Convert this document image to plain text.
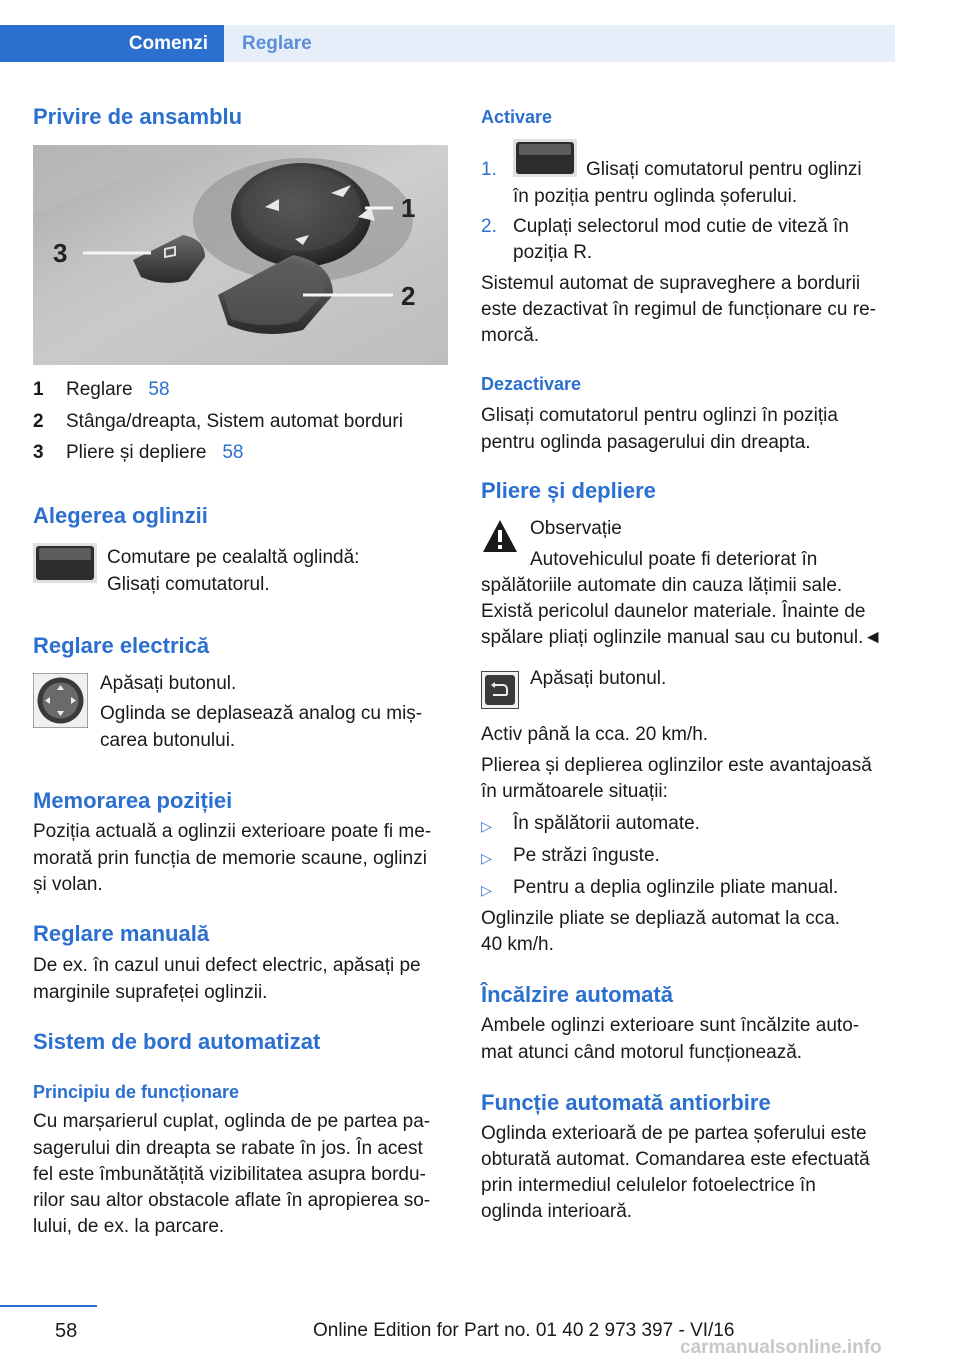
Comenzi	Reglare
Privire de ansamblu
1
2
3
1 Reglare 58
2 Stânga/dreapta, Sistem automat borduri
3 Pliere și depliere 58
Alegerea oglinzii
Comutare pe cealaltă oglindă:
Glisați comutatorul.
Reglare electrică
Apăsați butonul.
Oglinda se deplasează analog cu miș‐
carea butonului.
Memorarea poziției
Poziția actuală a oglinzii exterioare poate fi me‐
morată prin funcția de memorie scaune, oglinzi
și volan.
Reglare manuală
De ex. în cazul unui defect electric, apăsați pe
marginile suprafeței oglinzii.
Sistem de bord automatizat
Principiu de funcționare
Cu marșarierul cuplat, oglinda de pe partea pa‐
sagerului din dreapta se rabate în jos. În acest
fel este îmbunătățită vizibilitatea asupra bordu‐
rilor sau altor obstacole aflate în apropierea so‐
lului, de ex. la parcare.
Activare
1.	Glisați comutatorul pentru oglinzi
în poziția pentru oglinda șoferului.
2. Cuplați selectorul mod cutie de viteză în
poziția R.
Sistemul automat de supraveghere a bordurii
este dezactivat în regimul de funcționare cu re‐
morcă.
Dezactivare
Glisați comutatorul pentru oglinzi în poziția
pentru oglinda pasagerului din dreapta.
Pliere și depliere
Observație
Autovehiculul poate fi deteriorat în
spălătoriile automate din cauza lățimii sale.
Există pericolul daunelor materiale. Înainte de
spălare pliați oglinzile manual sau cu butonul.◄
Apăsați butonul.
Activ până la cca. 20 km/h.
Plierea și deplierea oglinzilor este avantajoasă
în următoarele situații:
▷ În spălătorii automate.
▷ Pe străzi înguste.
▷ Pentru a deplia oglinzile pliate manual.
Oglinzile pliate se depliază automat la cca.
40 km/h.
Încălzire automată
Ambele oglinzi exterioare sunt încălzite auto‐
mat atunci când motorul funcționează.
Funcție automată antiorbire
Oglinda exterioară de pe partea șoferului este
obturată automat. Comandarea este efectuată
prin intermediul celulelor fotoelectrice în
oglinda interioară.
58	Online Edition for Part no. 01 40 2 973 397 - VI/16
carmanualsonline.info
